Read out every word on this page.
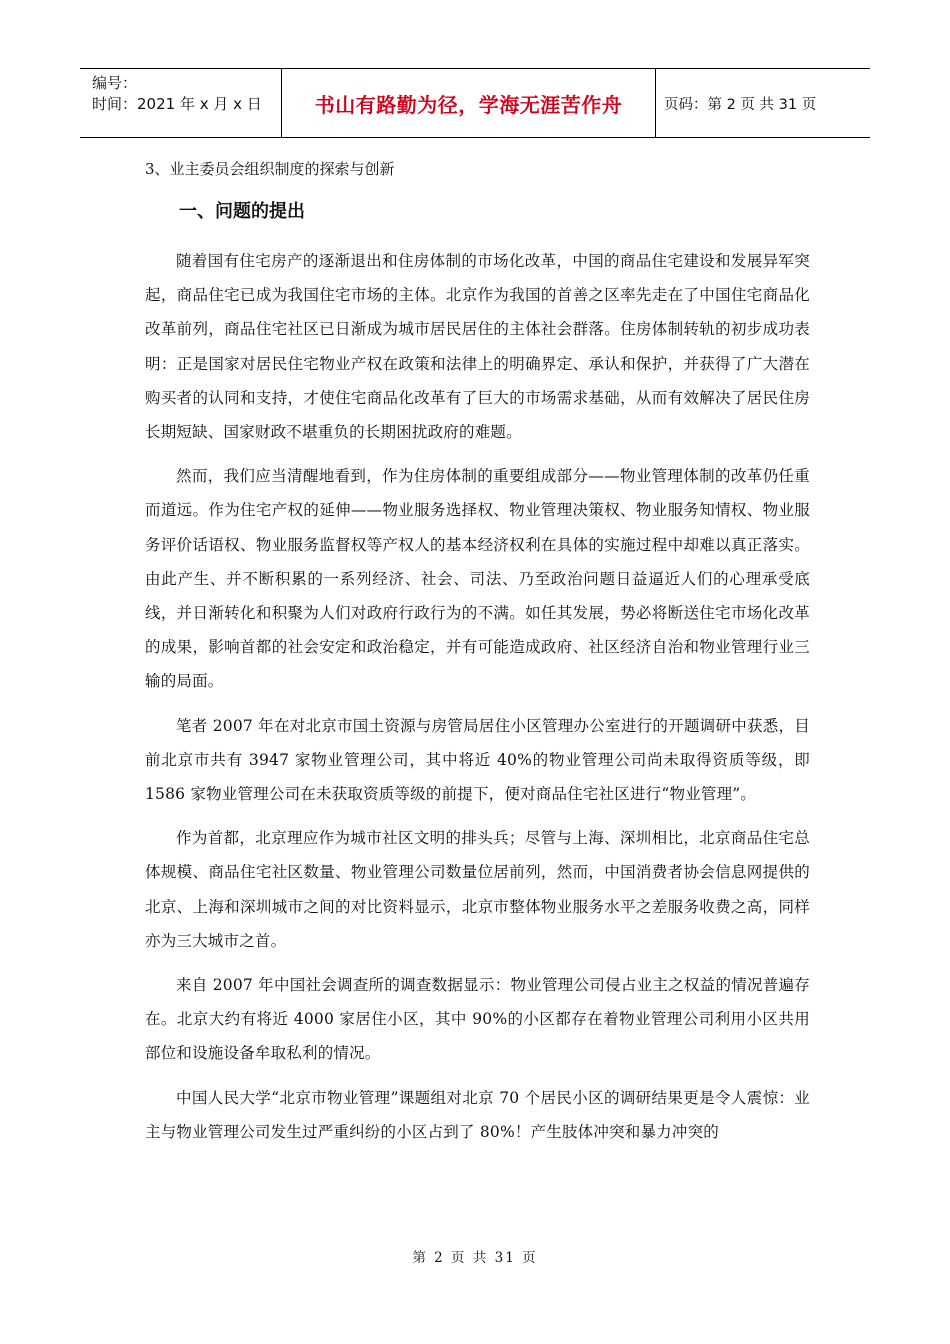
编号：
时间：2021 年 x 月 x 日	书山有路勤为径，学海无涯苦作舟	页码：第 2 页 共 31 页
3、业主委员会组织制度的探索与创新
一、问题的提出

随着国有住宅房产的逐渐退出和住房体制的市场化改革，中国的商品住宅建设和发展异军突起，商品住宅已成为我国住宅市场的主体。北京作为我国的首善之区率先走在了中国住宅商品化改革前列，商品住宅社区已日渐成为城市居民居住的主体社会群落。住房体制转轨的初步成功表明：正是国家对居民住宅物业产权在政策和法律上的明确界定、承认和保护，并获得了广大潜在购买者的认同和支持，才使住宅商品化改革有了巨大的市场需求基础，从而有效解决了居民住房长期短缺、国家财政不堪重负的长期困扰政府的难题。

然而，我们应当清醒地看到，作为住房体制的重要组成部分——物业管理体制的改革仍任重而道远。作为住宅产权的延伸——物业服务选择权、物业管理决策权、物业服务知情权、物业服务评价话语权、物业服务监督权等产权人的基本经济权利在具体的实施过程中却难以真正落实。由此产生、并不断积累的一系列经济、社会、司法、乃至政治问题日益逼近人们的心理承受底线，并日渐转化和积聚为人们对政府行政行为的不满。如任其发展，势必将断送住宅市场化改革的成果，影响首都的社会安定和政治稳定，并有可能造成政府、社区经济自治和物业管理行业三输的局面。

笔者 2007 年在对北京市国土资源与房管局居住小区管理办公室进行的开题调研中获悉，目前北京市共有 3947 家物业管理公司，其中将近 40%的物业管理公司尚未取得资质等级，即 1586 家物业管理公司在未获取资质等级的前提下，便对商品住宅社区进行“物业管理”。

作为首都，北京理应作为城市社区文明的排头兵；尽管与上海、深圳相比，北京商品住宅总体规模、商品住宅社区数量、物业管理公司数量位居前列，然而，中国消费者协会信息网提供的北京、上海和深圳城市之间的对比资料显示，北京市整体物业服务水平之差服务收费之高，同样亦为三大城市之首。

来自 2007 年中国社会调查所的调查数据显示：物业管理公司侵占业主之权益的情况普遍存在。北京大约有将近 4000 家居住小区，其中 90%的小区都存在着物业管理公司利用小区共用部位和设施设备牟取私利的情况。

中国人民大学“北京市物业管理”课题组对北京 70 个居民小区的调研结果更是令人震惊：业主与物业管理公司发生过严重纠纷的小区占到了 80%！产生肢体冲突和暴力冲突的

第 2 页 共 31 页
